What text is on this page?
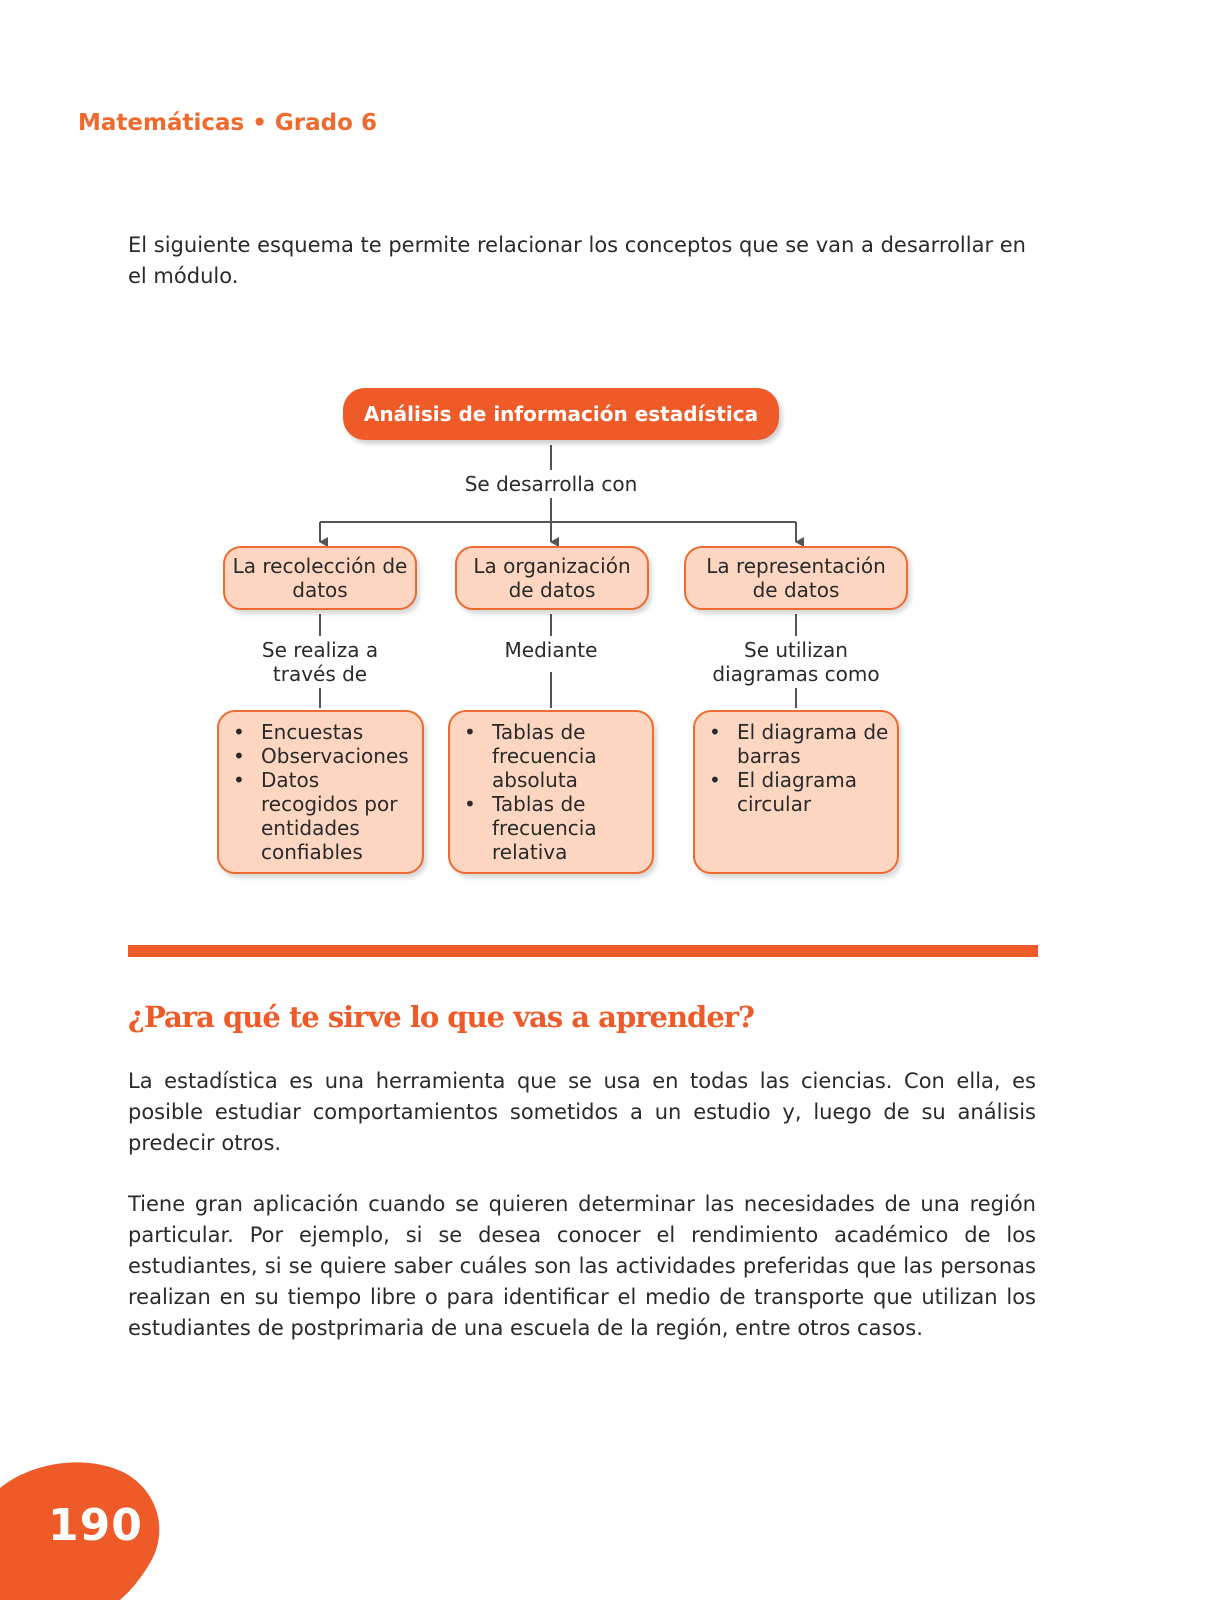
Matemáticas • Grado 6

El siguiente esquema te permite relacionar los conceptos que se van a desarrollar en el módulo.

Análisis de información estadística
Se desarrolla con
La recolección de datos
La organización de datos
La representación de datos
Se realiza a través de
Mediante	Se utilizan diagramas como
• Encuestas
• Observaciones
• Datos recogidos por entidades confiables
• Tablas de frecuencia absoluta
• Tablas de frecuencia relativa
• El diagrama de barras
• El diagrama circular
¿Para qué te sirve lo que vas a aprender?

La estadística es una herramienta que se usa en todas las ciencias. Con ella, es posible estudiar comportamientos sometidos a un estudio y, luego de su análisis predecir otros.

Tiene gran aplicación cuando se quieren determinar las necesidades de una región particular. Por ejemplo, si se desea conocer el rendimiento académico de los estudiantes, si se quiere saber cuáles son las actividades preferidas que las personas realizan en su tiempo libre o para identificar el medio de transporte que utilizan los estudiantes de postprimaria de una escuela de la región, entre otros casos.

190
